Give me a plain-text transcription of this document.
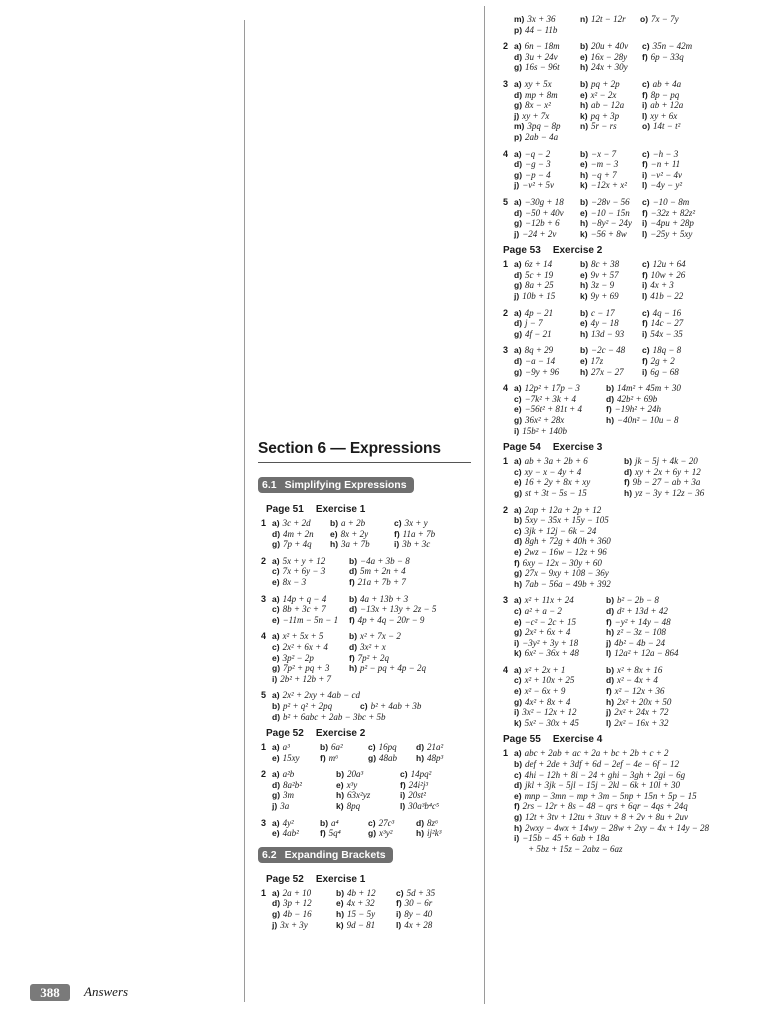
Section 6 — Expressions
6.1 Simplifying Expressions
Page 51 Exercise 1
1 a) 3c + 2d	b) a + 2b	c) 3x + y
d) 4m + 2n	e) 8x + 2y	f) 11a + 7b
g) 7p + 4q	h) 3a + 7b	i) 3b + 3c
2 a) 5x + y + 12	b) −4a + 3b − 8
c) 7x + 6y − 3	d) 5m + 2n + 4
e) 8x − 3	f) 21a + 7b + 7
3 a) 14p + q − 4	b) 4a + 13b + 3
c) 8b + 3c + 7	d) −13x + 13y + 2z − 5
e) −11m − 5n − 1	f) 4p + 4q − 20r − 9
4 a) x² + 5x + 5	b) x² + 7x − 2
c) 2x² + 6x + 4	d) 3x² + x
e) 3p² − 2p	f) 7p² + 2q
g) 7p² + pq + 3	h) p² − pq + 4p − 2q
i) 2b² + 12b + 7
5 a) 2x² + 2xy + 4ab − cd
b) p² + q² + 2pq	c) b² + 4ab + 3b
d) b² + 6abc + 2ab − 3bc + 5b
Page 52 Exercise 2
1 a) a³	b) 6a²	c) 16pq	d) 21a²
e) 15xy	f) m⁶	g) 48ab	h) 48p³
2 a) a²b	b) 20a³	c) 14pq²
d) 8a²b²	e) x³y	f) 24i²j³
g) 3m	h) 63x²yz	i) 20st²
j) 3a	k) 8pq	l) 30a³b⁴c⁵
3 a) 4y²	b) a⁴	c) 27c³	d) 8z⁶
e) 4ab²	f) 5q⁴	g) x³y²	h) ij²k³
6.2 Expanding Brackets
Page 52 Exercise 1
1 a) 2a + 10	b) 4b + 12	c) 5d + 35
d) 3p + 12	e) 4x + 32	f) 30 − 6r
g) 4b − 16	h) 15 − 5y	i) 8y − 40
j) 3x + 3y	k) 9d − 81	l) 4x + 28
m) 3x + 36	n) 12t − 12r	o) 7x − 7y
p) 44 − 11b
2 a) 6n − 18m	b) 20u + 40v	c) 35n − 42m
d) 3u + 24v	e) 16x − 28y	f) 6p − 33q
g) 16s − 96t	h) 24x + 30y
3 a) xy + 5x	b) pq + 2p	c) ab + 4a
d) mp + 8m	e) x² − 2x	f) 8p − pq
g) 8x − x²	h) ab − 12a	i) ab + 12a
j) xy + 7x	k) pq + 3p	l) xy + 6x
m) 3pq − 8p	n) 5r − rs	o) 14t − t²
p) 2ab − 4a
4 a) −q − 2	b) −x − 7	c) −h − 3
d) −g − 3	e) −m − 3	f) −n + 11
g) −p − 4	h) −q + 7	i) −v² − 4v
j) −v² + 5v	k) −12x + x²	l) −4y − y²
5 a) −30g + 18	b) −28v − 56	c) −10 − 8m
d) −50 + 40v	e) −10 − 15n	f) −32z + 82z²
g) −12b + 6	h) −8y² − 24y	i) −4pu + 28p
j) −24 + 2v	k) −56 + 8w	l) −25y + 5xy
Page 53 Exercise 2
1 a) 6z + 14	b) 8c + 38	c) 12u + 64
d) 5c + 19	e) 9v + 57	f) 10w + 26
g) 8a + 25	h) 3z − 9	i) 4x + 3
j) 10b + 15	k) 9y + 69	l) 41b − 22
2 a) 4p − 21	b) c − 17	c) 4q − 16
d) j − 7	e) 4y − 18	f) 14c − 27
g) 4f − 21	h) 13d − 93	i) 54x − 35
3 a) 8q + 29	b) −2c − 48	c) 18q − 8
d) −a − 14	e) 17z	f) 2g + 2
g) −9y + 96	h) 27x − 27	i) 6g − 68
4 a) 12p² + 17p − 3	b) 14m² + 45m + 30
c) −7k² + 3k + 4	d) 42b² + 69b
e) −56t² + 81t + 4	f) −19h² + 24h
g) 36x² + 28x	h) −40n² − 10u − 8
i) 15b² + 140b
Page 54 Exercise 3
1 a) ab + 3a + 2b + 6	b) jk − 5j + 4k − 20
c) xy − x − 4y + 4	d) xy + 2x + 6y + 12
e) 16 + 2y + 8x + xy	f) 9b − 27 − ab + 3a
g) st + 3t − 5s − 15	h) yz − 3y + 12z − 36
2 a) 2ap + 12a + 2p + 12
b) 5xy − 35x + 15y − 105
c) 3jk + 12j − 6k − 24
d) 8gh + 72g + 40h + 360
e) 2wz − 16w − 12z + 96
f) 6xy − 12x − 30y + 60
g) 27x − 9xy + 108 − 36y
h) 7ab − 56a − 49b + 392
3 a) x² + 11x + 24	b) b² − 2b − 8
c) a² + a − 2	d) d² + 13d + 42
e) −c² − 2c + 15	f) −y² + 14y − 48
g) 2x² + 6x + 4	h) z² − 3z − 108
i) −3y² + 3y + 18	j) 4b² − 4b − 24
k) 6x² − 36x + 48	l) 12a² + 12a − 864
4 a) x² + 2x + 1	b) x² + 8x + 16
c) x² + 10x + 25	d) x² − 4x + 4
e) x² − 6x + 9	f) x² − 12x + 36
g) 4x² + 8x + 4	h) 2x² + 20x + 50
i) 3x² − 12x + 12	j) 2x² + 24x + 72
k) 5x² − 30x + 45	l) 2x² − 16x + 32
Page 55 Exercise 4
1 a) abc + 2ab + ac + 2a + bc + 2b + c + 2
b) def + 2de + 3df + 6d − 2ef − 4e − 6f − 12
c) 4hi − 12h + 8i − 24 + ghi − 3gh + 2gi − 6g
d) jkl + 3jk − 5jl − 15j − 2kl − 6k + 10l + 30
e) mnp − 3mn − mp + 3m − 5np + 15n + 5p − 15
f) 2rs − 12r + 8s − 48 − qrs + 6qr − 4qs + 24q
g) 12t + 3tv + 12tu + 3tuv + 8 + 2v + 8u + 2uv
h) 2wxy − 4wx + 14wy − 28w + 2xy − 4x + 14y − 28
i) −15b − 45 + 6ab + 18a
+ 5bz + 15z − 2abz − 6az
388	Answers
